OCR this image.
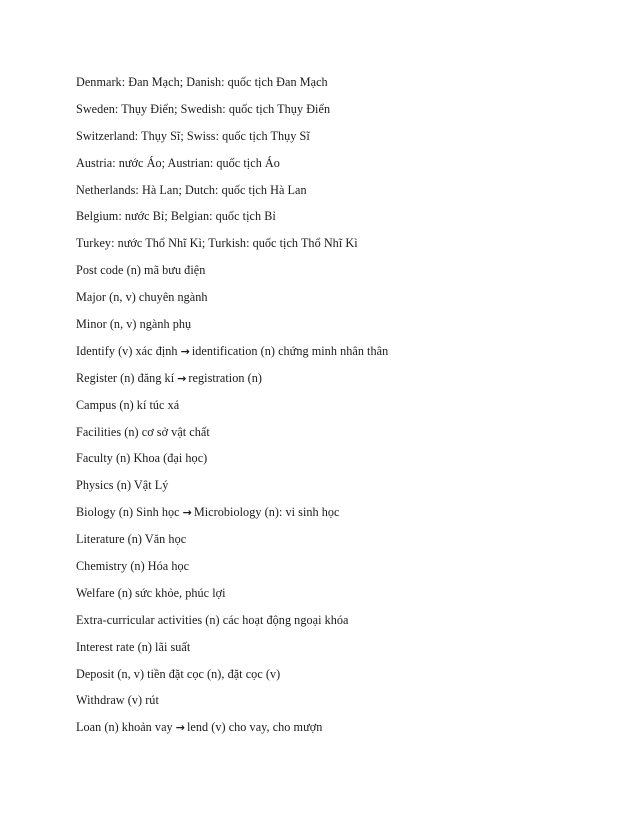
Denmark: Đan Mạch; Danish: quốc tịch Đan Mạch
Sweden: Thụy Điển; Swedish: quốc tịch Thụy Điển
Switzerland: Thụy Sĩ; Swiss: quốc tịch Thụy Sĩ
Austria: nước Áo; Austrian: quốc tịch Áo
Netherlands: Hà Lan; Dutch: quốc tịch Hà Lan
Belgium: nước Bỉ; Belgian: quốc tịch Bỉ
Turkey: nước Thổ Nhĩ Kì; Turkish: quốc tịch Thổ Nhĩ Kì
Post code (n) mã bưu điện
Major (n, v) chuyên ngành
Minor (n, v) ngành phụ
Identify (v) xác định → identification (n) chứng minh nhân thân
Register (n) đăng kí → registration (n)
Campus (n) kí túc xá
Facilities (n) cơ sở vật chất
Faculty (n) Khoa (đại học)
Physics (n) Vật Lý
Biology (n) Sinh học → Microbiology (n): vi sinh học
Literature (n) Văn học
Chemistry (n) Hóa học
Welfare (n) sức khỏe, phúc lợi
Extra-curricular activities (n) các hoạt động ngoại khóa
Interest rate (n) lãi suất
Deposit (n, v) tiền đặt cọc (n), đặt cọc (v)
Withdraw (v) rút
Loan (n) khoản vay → lend (v) cho vay, cho mượn
